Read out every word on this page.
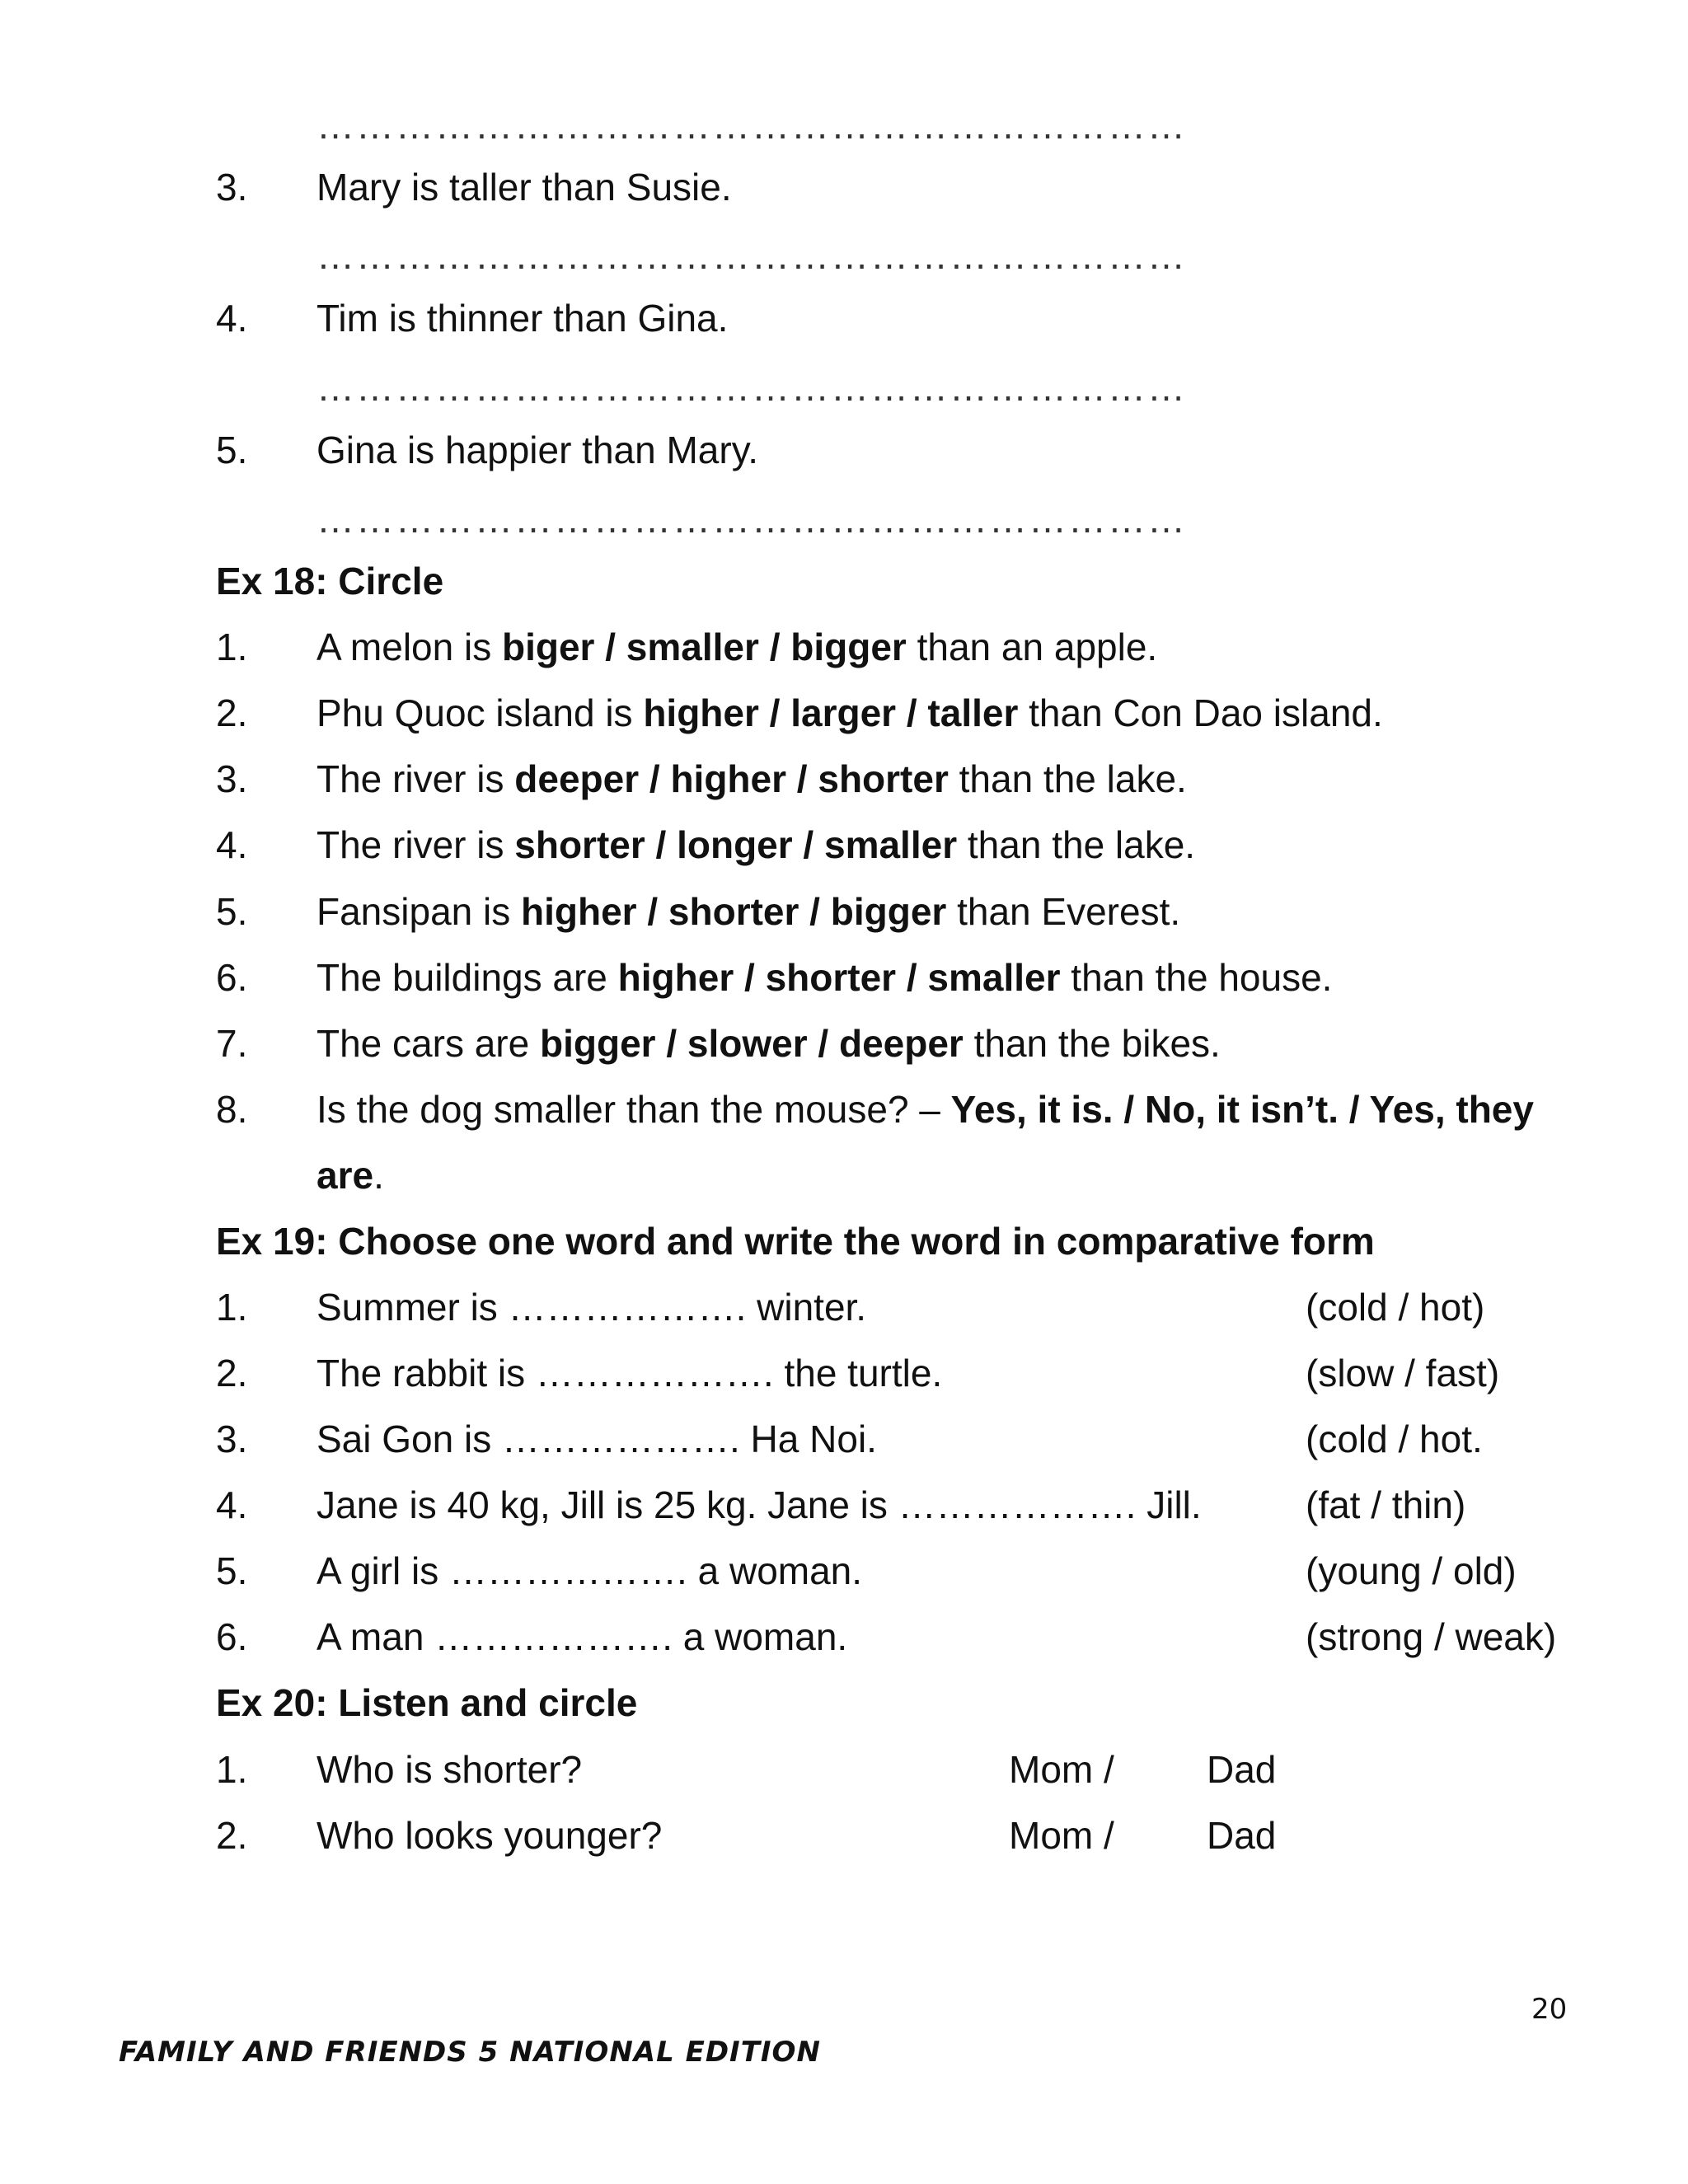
…………………………………………………………
3. Mary is taller than Susie.
…………………………………………………………
4. Tim is thinner than Gina.
…………………………………………………………
5. Gina is happier than Mary.
…………………………………………………………
Ex 18: Circle
1. A melon is biger / smaller / bigger than an apple.
2. Phu Quoc island is higher / larger / taller than Con Dao island.
3. The river is deeper / higher / shorter than the lake.
4. The river is shorter / longer / smaller than the lake.
5. Fansipan is higher / shorter / bigger than Everest.
6. The buildings are higher / shorter / smaller than the house.
7. The cars are bigger / slower / deeper than the bikes.
8. Is the dog smaller than the mouse? – Yes, it is. / No, it isn’t. / Yes, they
are.
Ex 19: Choose one word and write the word in comparative form
1. Summer is ………………. winter.	(cold / hot)
2. The rabbit is ………………. the turtle.	(slow / fast)
3. Sai Gon is ………………. Ha Noi.	(cold / hot.
4. Jane is 40 kg, Jill is 25 kg. Jane is ………………. Jill.	(fat / thin)
5. A girl is ………………. a woman.	(young / old)
6. A man ………………. a woman.	(strong / weak)
Ex 20: Listen and circle
1. Who is shorter?	Mom / Dad
2. Who looks younger?	Mom / Dad
20
FAMILY AND FRIENDS 5 NATIONAL EDITION
